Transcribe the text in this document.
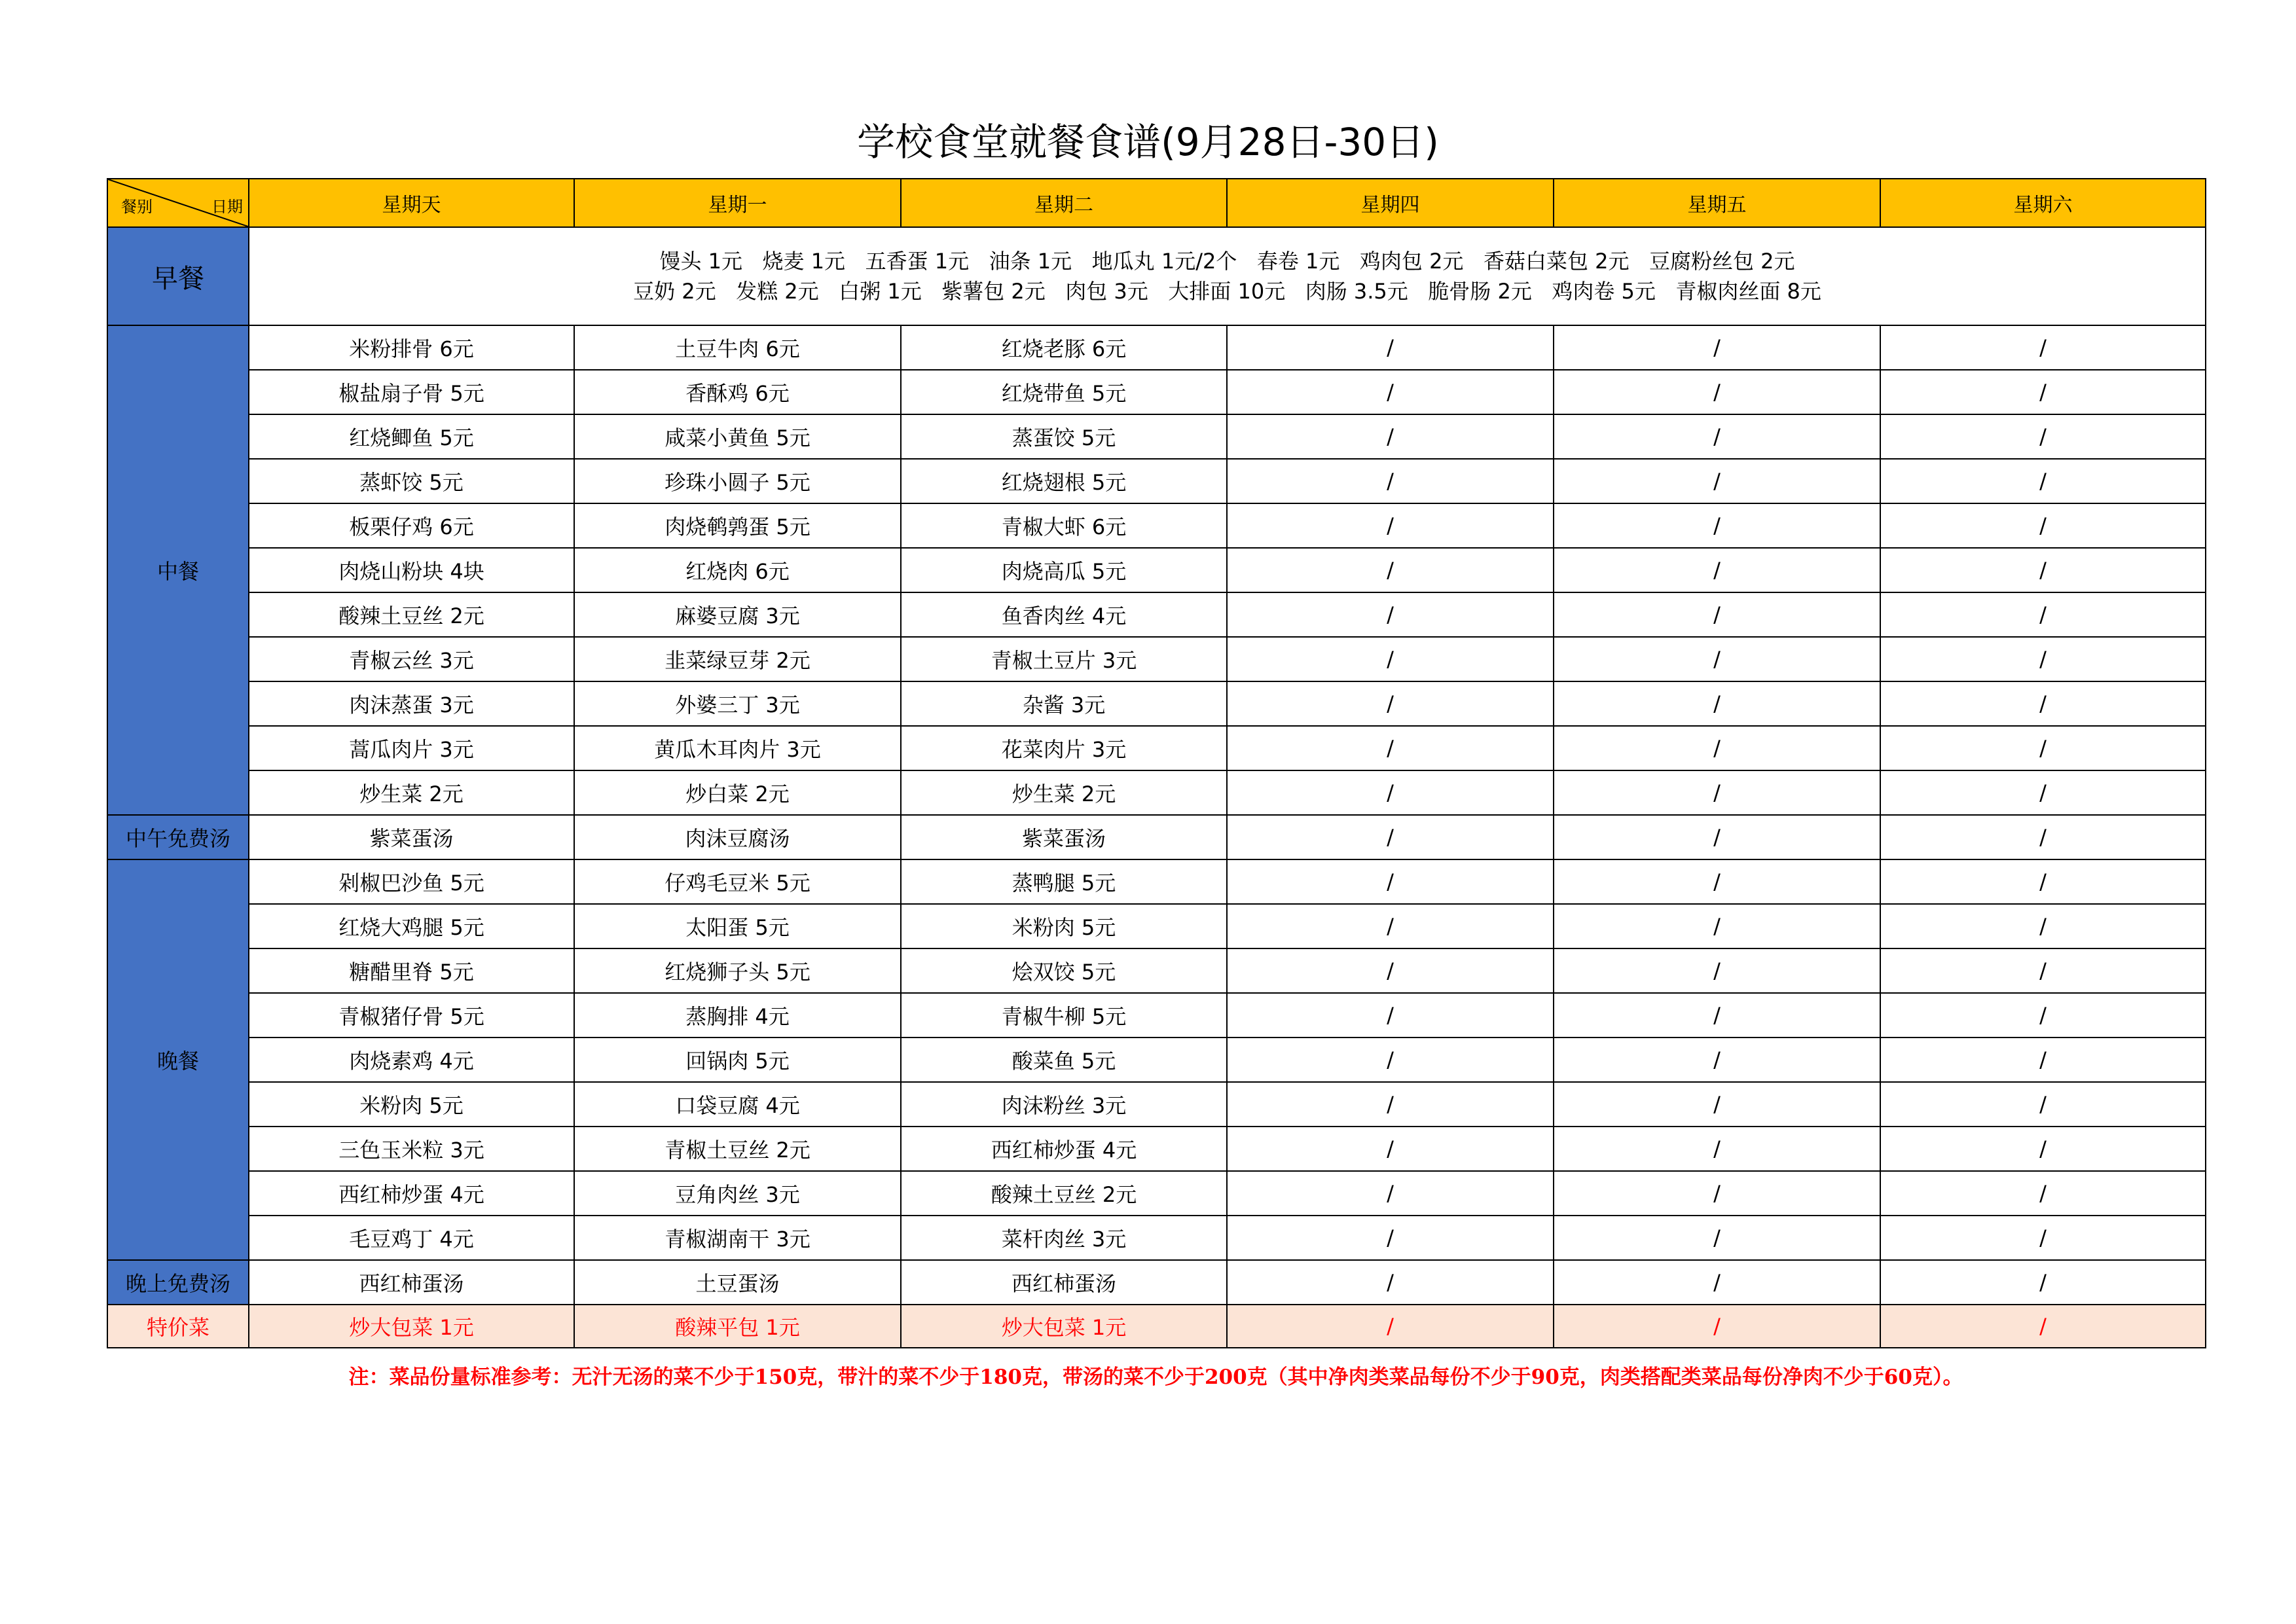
学校食堂就餐食谱(9月28日-30日)
餐别 日期	星期天	星期一	星期二	星期四	星期五	星期六
早餐	馒头 1元   烧麦 1元   五香蛋 1元   油条 1元   地瓜丸 1元/2个   春卷 1元   鸡肉包 2元   香菇白菜包 2元   豆腐粉丝包 2元
豆奶 2元   发糕 2元   白粥 1元   紫薯包 2元   肉包 3元   大排面 10元   肉肠 3.5元   脆骨肠 2元   鸡肉卷 5元   青椒肉丝面 8元					

中餐	米粉排骨 6元	土豆牛肉 6元	红烧老豚 6元	/	/	/
	椒盐扇子骨 5元	香酥鸡 6元	红烧带鱼 5元	/	/	/
	红烧鲫鱼 5元	咸菜小黄鱼 5元	蒸蛋饺 5元	/	/	/
	蒸虾饺 5元	珍珠小圆子 5元	红烧翅根 5元	/	/	/
	板栗仔鸡 6元	肉烧鹌鹑蛋 5元	青椒大虾 6元	/	/	/
	肉烧山粉块 4块	红烧肉 6元	肉烧高瓜 5元	/	/	/
	酸辣土豆丝 2元	麻婆豆腐 3元	鱼香肉丝 4元	/	/	/
	青椒云丝 3元	韭菜绿豆芽 2元	青椒土豆片 3元	/	/	/
	肉沫蒸蛋 3元	外婆三丁 3元	杂酱 3元	/	/	/
	蒿瓜肉片 3元	黄瓜木耳肉片 3元	花菜肉片 3元	/	/	/
	炒生菜 2元	炒白菜 2元	炒生菜 2元	/	/	/
中午免费汤	紫菜蛋汤	肉沫豆腐汤	紫菜蛋汤	/	/	/
晚餐	剁椒巴沙鱼 5元	仔鸡毛豆米 5元	蒸鸭腿 5元	/	/	/
	红烧大鸡腿 5元	太阳蛋 5元	米粉肉 5元	/	/	/
	糖醋里脊 5元	红烧狮子头 5元	烩双饺 5元	/	/	/
	青椒猪仔骨 5元	蒸胸排 4元	青椒牛柳 5元	/	/	/
	肉烧素鸡 4元	回锅肉 5元	酸菜鱼 5元	/	/	/
	米粉肉 5元	口袋豆腐 4元	肉沫粉丝 3元	/	/	/
	三色玉米粒 3元	青椒土豆丝 2元	西红柿炒蛋 4元	/	/	/
	西红柿炒蛋 4元	豆角肉丝 3元	酸辣土豆丝 2元	/	/	/
	毛豆鸡丁 4元	青椒湖南干 3元	菜杆肉丝 3元	/	/	/
晚上免费汤	西红柿蛋汤	土豆蛋汤	西红柿蛋汤	/	/	/
特价菜	炒大包菜 1元	酸辣平包 1元	炒大包菜 1元	/	/	/
注：菜品份量标准参考：无汁无汤的菜不少于150克，带汁的菜不少于180克，带汤的菜不少于200克（其中净肉类菜品每份不少于90克，肉类搭配类菜品每份净肉不少于60克）。
